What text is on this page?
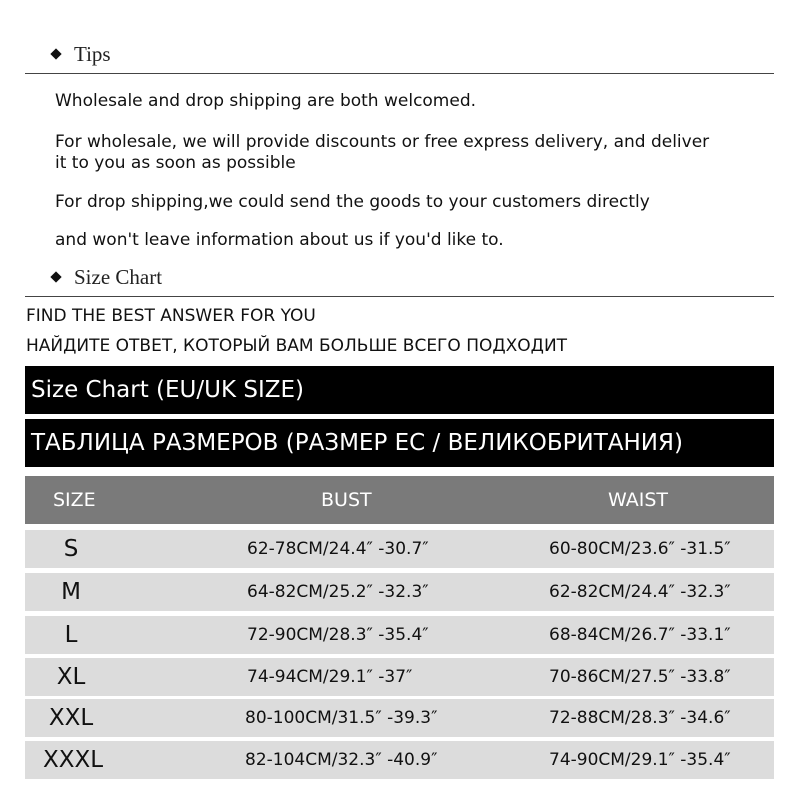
Tips
Wholesale and drop shipping are both welcomed.
For wholesale, we will provide discounts or free express delivery, and deliver
it to you as soon as possible
For drop shipping,we could send the goods to your customers directly
and won't leave information about us if you'd like to.
Size Chart
FIND THE BEST ANSWER FOR YOU
НАЙДИТЕ ОТВЕТ, КОТОРЫЙ ВАМ БОЛЬШЕ ВСЕГО ПОДХОДИТ
Size Chart (EU/UK SIZE)
ТАБЛИЦА РАЗМЕРОВ (РАЗМЕР ЕС / ВЕЛИКОБРИТАНИЯ)
SIZE	BUST	WAIST
S	62-78CM/24.4″ -30.7″	60-80CM/23.6″ -31.5″
M	64-82CM/25.2″ -32.3″	62-82CM/24.4″ -32.3″
L	72-90CM/28.3″ -35.4″	68-84CM/26.7″ -33.1″
XL	74-94CM/29.1″ -37″	70-86CM/27.5″ -33.8″
XXL	80-100CM/31.5″ -39.3″	72-88CM/28.3″ -34.6″
XXXL	82-104CM/32.3″ -40.9″	74-90CM/29.1″ -35.4″
